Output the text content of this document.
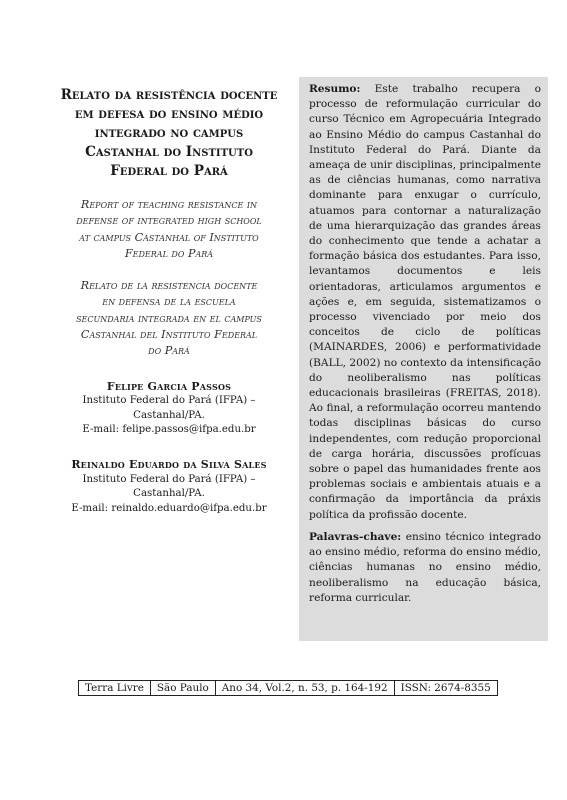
Relato da resistência docente
em defesa do ensino médio
integrado no campus
Castanhal do Instituto
Federal do Pará

Report of teaching resistance in
defense of integrated high school
at campus Castanhal of Instituto
Federal do Pará

Relato de la resistencia docente
en defensa de la escuela
secundaria integrada en el campus
Castanhal del Instituto Federal
do Pará

Felipe Garcia Passos
Instituto Federal do Pará (IFPA) –
Castanhal/PA.
E-mail: felipe.passos@ifpa.edu.br
Reinaldo Eduardo da Silva Sales
Instituto Federal do Pará (IFPA) –
Castanhal/PA.
E-mail: reinaldo.eduardo@ifpa.edu.br

Resumo: Este trabalho recupera o processo de reformulação curricular do curso Técnico em Agropecuária Integrado ao Ensino Médio do campus Castanhal do Instituto Federal do Pará. Diante da ameaça de unir disciplinas, principalmente as de ciências humanas, como narrativa dominante para enxugar o currículo, atuamos para contornar a naturalização de uma hierarquização das grandes áreas do conhecimento que tende a achatar a formação básica dos estudantes. Para isso, levantamos documentos e leis orientadoras, articulamos argumentos e ações e, em seguida, sistematizamos o processo vivenciado por meio dos conceitos de ciclo de políticas (MAINARDES, 2006) e performatividade (BALL, 2002) no contexto da intensificação do neoliberalismo nas políticas educacionais brasileiras (FREITAS, 2018). Ao final, a reformulação ocorreu mantendo todas disciplinas básicas do curso independentes, com redução proporcional de carga horária, discussões profícuas sobre o papel das humanidades frente aos problemas sociais e ambientais atuais e a confirmação da importância da práxis política da profissão docente.

Palavras-chave: ensino técnico integrado ao ensino médio, reforma do ensino médio, ciências humanas no ensino médio, neoliberalismo na educação básica, reforma curricular.

Terra Livre	São Paulo	Ano 34, Vol.2, n. 53, p. 164-192	ISSN: 2674-8355
